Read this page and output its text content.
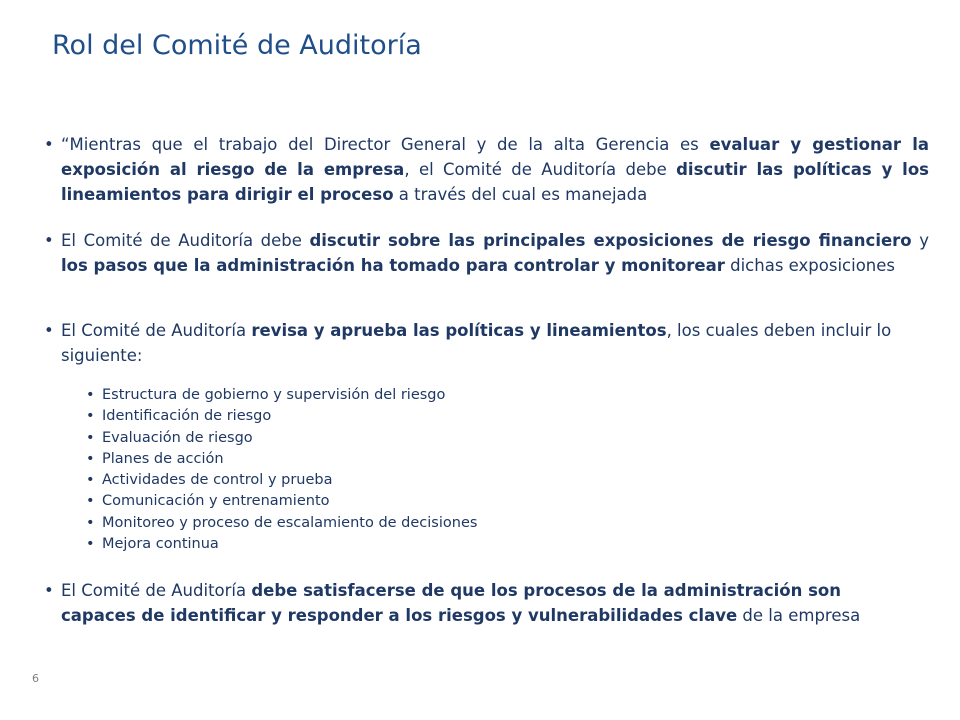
Rol del Comité de Auditoría
• “Mientras que el trabajo del Director General y de la alta Gerencia es evaluar y gestionar la exposición al riesgo de la empresa, el Comité de Auditoría debe discutir las políticas y los lineamientos para dirigir el proceso a través del cual es manejada
• El Comité de Auditoría debe discutir sobre las principales exposiciones de riesgo financiero y los pasos que la administración ha tomado para controlar y monitorear dichas exposiciones
• El Comité de Auditoría revisa y aprueba las políticas y lineamientos, los cuales deben incluir lo siguiente:
• Estructura de gobierno y supervisión del riesgo
• Identificación de riesgo
• Evaluación de riesgo
• Planes de acción
• Actividades de control y prueba
• Comunicación y entrenamiento
• Monitoreo y proceso de escalamiento de decisiones
• Mejora continua
• El Comité de Auditoría debe satisfacerse de que los procesos de la administración son capaces de identificar y responder a los riesgos y vulnerabilidades clave de la empresa
6
